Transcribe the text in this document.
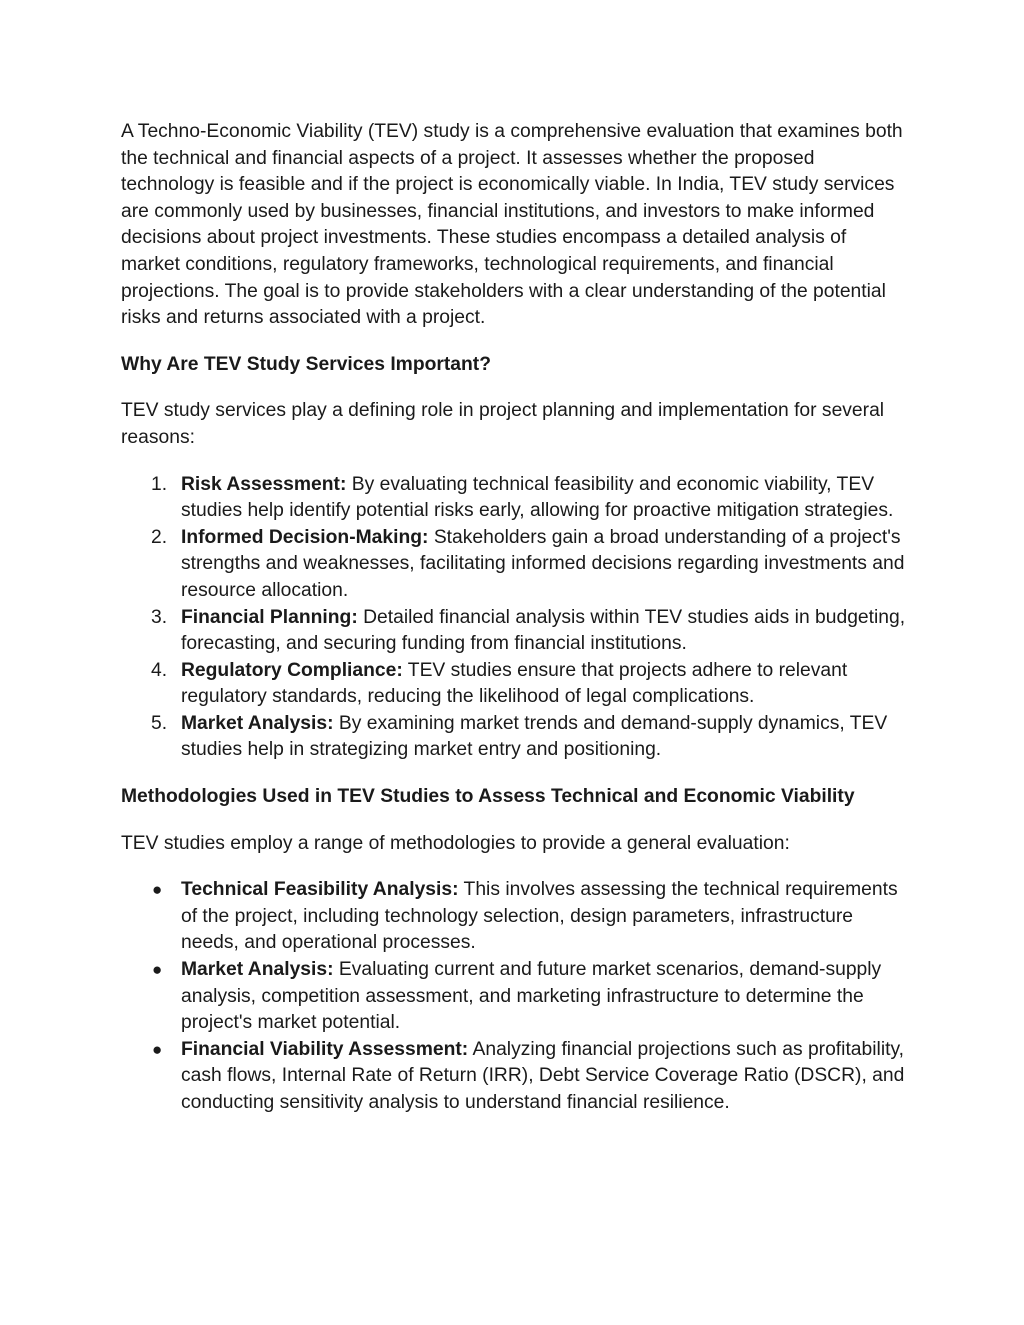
A Techno-Economic Viability (TEV) study is a comprehensive evaluation that examines both the technical and financial aspects of a project. It assesses whether the proposed technology is feasible and if the project is economically viable. In India, TEV study services are commonly used by businesses, financial institutions, and investors to make informed decisions about project investments. These studies encompass a detailed analysis of market conditions, regulatory frameworks, technological requirements, and financial projections. The goal is to provide stakeholders with a clear understanding of the potential risks and returns associated with a project.

Why Are TEV Study Services Important?

TEV study services play a defining role in project planning and implementation for several reasons:

1. Risk Assessment: By evaluating technical feasibility and economic viability, TEV studies help identify potential risks early, allowing for proactive mitigation strategies.
2. Informed Decision-Making: Stakeholders gain a broad understanding of a project's strengths and weaknesses, facilitating informed decisions regarding investments and resource allocation.
3. Financial Planning: Detailed financial analysis within TEV studies aids in budgeting, forecasting, and securing funding from financial institutions.
4. Regulatory Compliance: TEV studies ensure that projects adhere to relevant regulatory standards, reducing the likelihood of legal complications.
5. Market Analysis: By examining market trends and demand-supply dynamics, TEV studies help in strategizing market entry and positioning.

Methodologies Used in TEV Studies to Assess Technical and Economic Viability

TEV studies employ a range of methodologies to provide a general evaluation:

● Technical Feasibility Analysis: This involves assessing the technical requirements of the project, including technology selection, design parameters, infrastructure needs, and operational processes.
● Market Analysis: Evaluating current and future market scenarios, demand-supply analysis, competition assessment, and marketing infrastructure to determine the project's market potential.
● Financial Viability Assessment: Analyzing financial projections such as profitability, cash flows, Internal Rate of Return (IRR), Debt Service Coverage Ratio (DSCR), and conducting sensitivity analysis to understand financial resilience.
